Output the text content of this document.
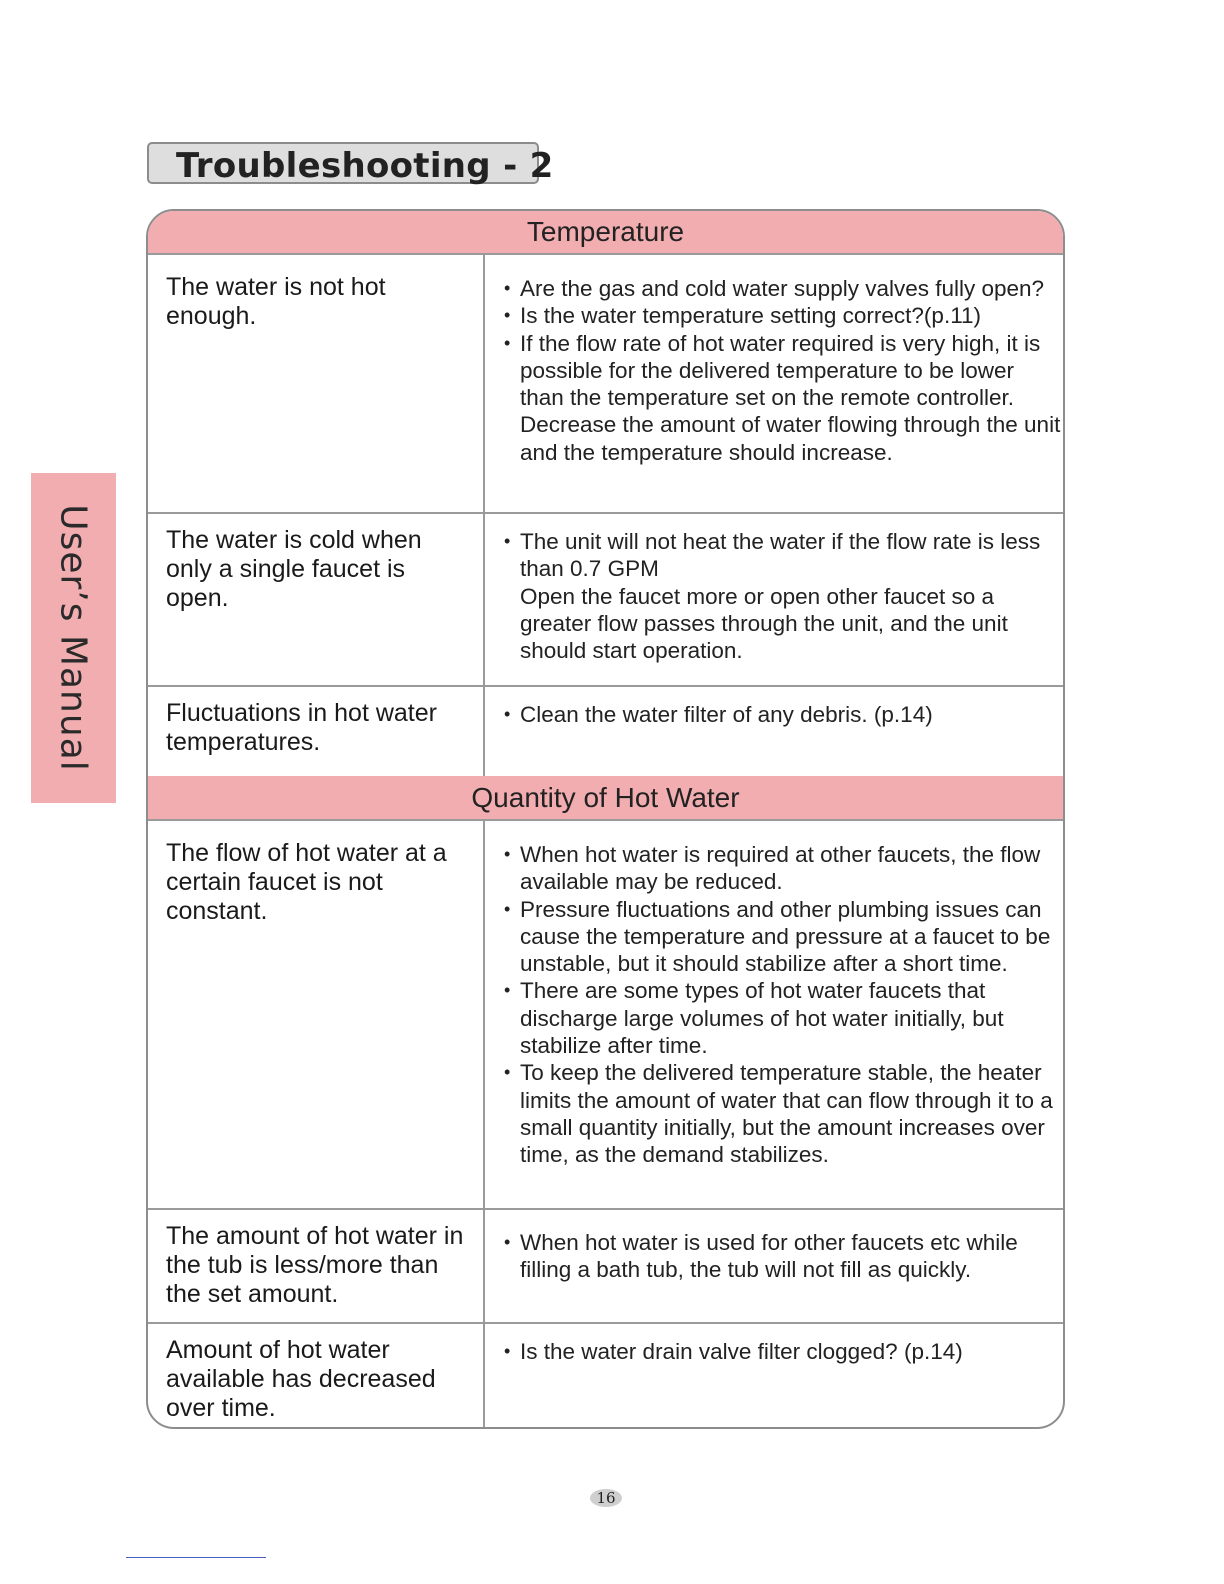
Troubleshooting - 2
User’s Manual
Temperature
The water is not hot enough.
• Are the gas and cold water supply valves fully open?
• Is the water temperature setting correct?(p.11)
• If the flow rate of hot water required is very high, it is possible for the delivered temperature to be lower than the temperature set on the remote controller.
Decrease the amount of water flowing through the unit and the temperature should increase.
The water is cold when only a single faucet is open.
• The unit will not heat the water if the flow rate is less than 0.7 GPM
Open the faucet more or open other faucet so a greater flow passes through the unit, and the unit should start operation.
Fluctuations in hot water temperatures.
• Clean the water filter of any debris. (p.14)
Quantity of Hot Water
The flow of hot water at a certain faucet is not constant.
• When hot water is required at other faucets, the flow available may be reduced.
• Pressure fluctuations and other plumbing issues can cause the temperature and pressure at a faucet to be unstable, but it should stabilize after a short time.
• There are some types of hot water faucets that discharge large volumes of hot water initially, but stabilize after time.
• To keep the delivered temperature stable, the heater limits the amount of water that can flow through it to a small quantity initially, but the amount increases over time, as the demand stabilizes.
The amount of hot water in the tub is less/more than the set amount.
• When hot water is used for other faucets etc while filling a bath tub, the tub will not fill as quickly.
Amount of hot water available has decreased over time.
• Is the water drain valve filter clogged? (p.14)
16
